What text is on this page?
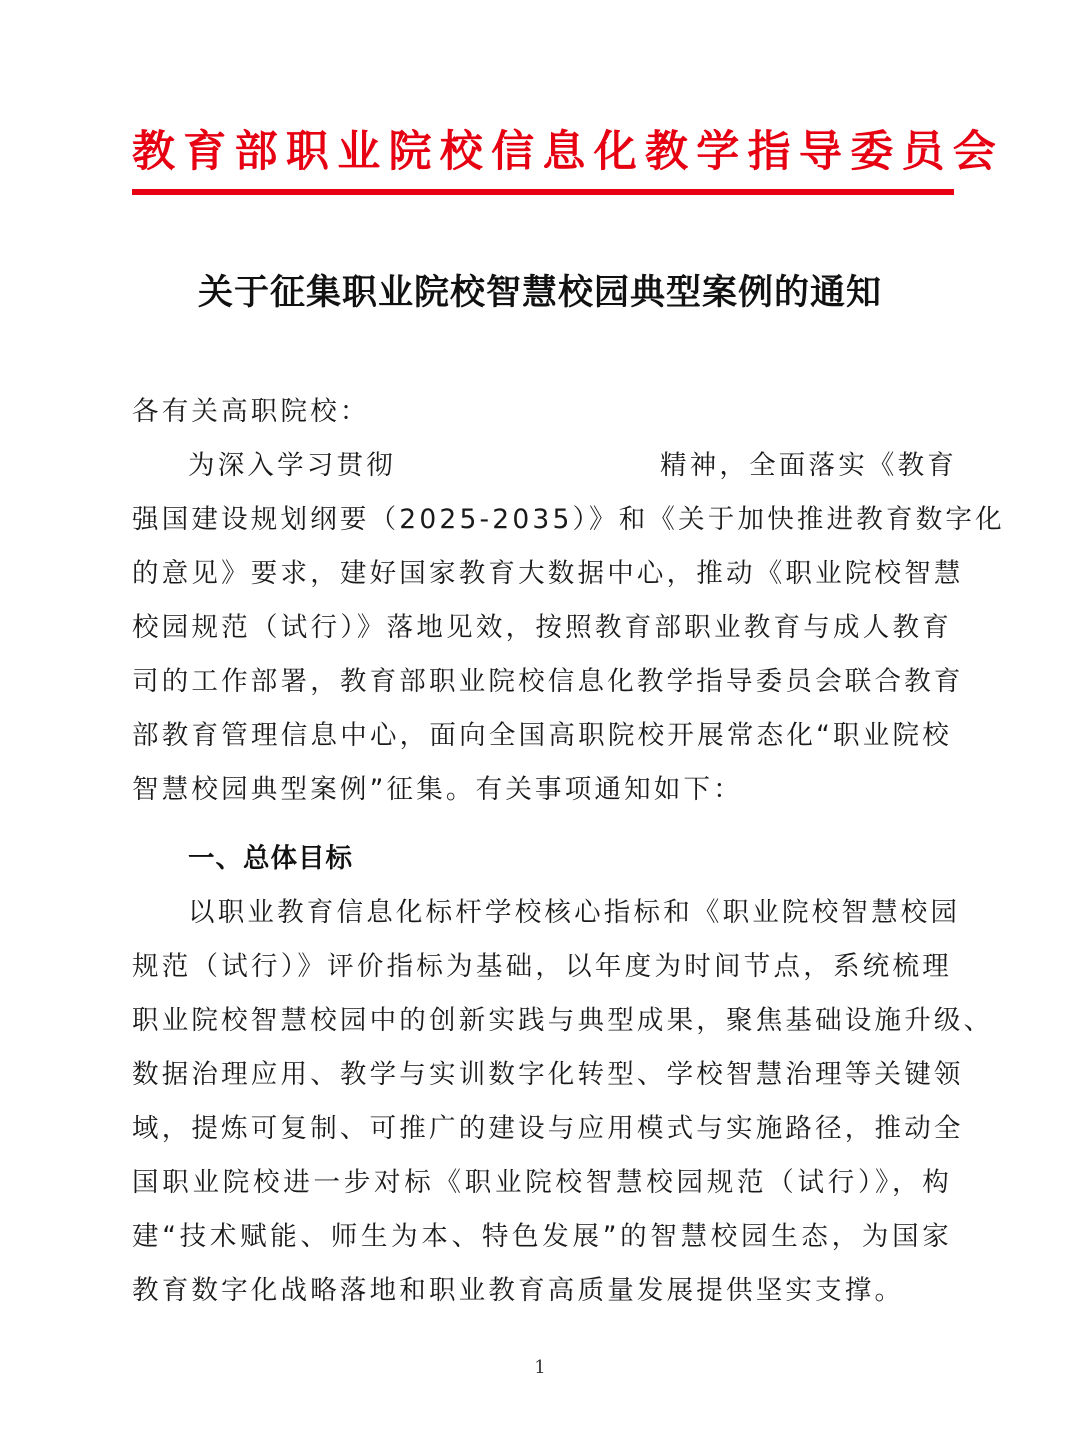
教育部职业院校信息化教学指导委员会
关于征集职业院校智慧校园典型案例的通知
各有关高职院校：
为深入学习贯彻	精神，全面落实《教育
强国建设规划纲要（2025-2035）》和《关于加快推进教育数字化
的意见》要求，建好国家教育大数据中心，推动《职业院校智慧
校园规范（试行）》落地见效，按照教育部职业教育与成人教育
司的工作部署，教育部职业院校信息化教学指导委员会联合教育
部教育管理信息中心，面向全国高职院校开展常态化“职业院校
智慧校园典型案例”征集。有关事项通知如下：
一、总体目标
以职业教育信息化标杆学校核心指标和《职业院校智慧校园
规范（试行）》评价指标为基础，以年度为时间节点，系统梳理
职业院校智慧校园中的创新实践与典型成果，聚焦基础设施升级、
数据治理应用、教学与实训数字化转型、学校智慧治理等关键领
域，提炼可复制、可推广的建设与应用模式与实施路径，推动全
国职业院校进一步对标《职业院校智慧校园规范（试行）》，构
建“技术赋能、师生为本、特色发展”的智慧校园生态，为国家
教育数字化战略落地和职业教育高质量发展提供坚实支撑。
1
